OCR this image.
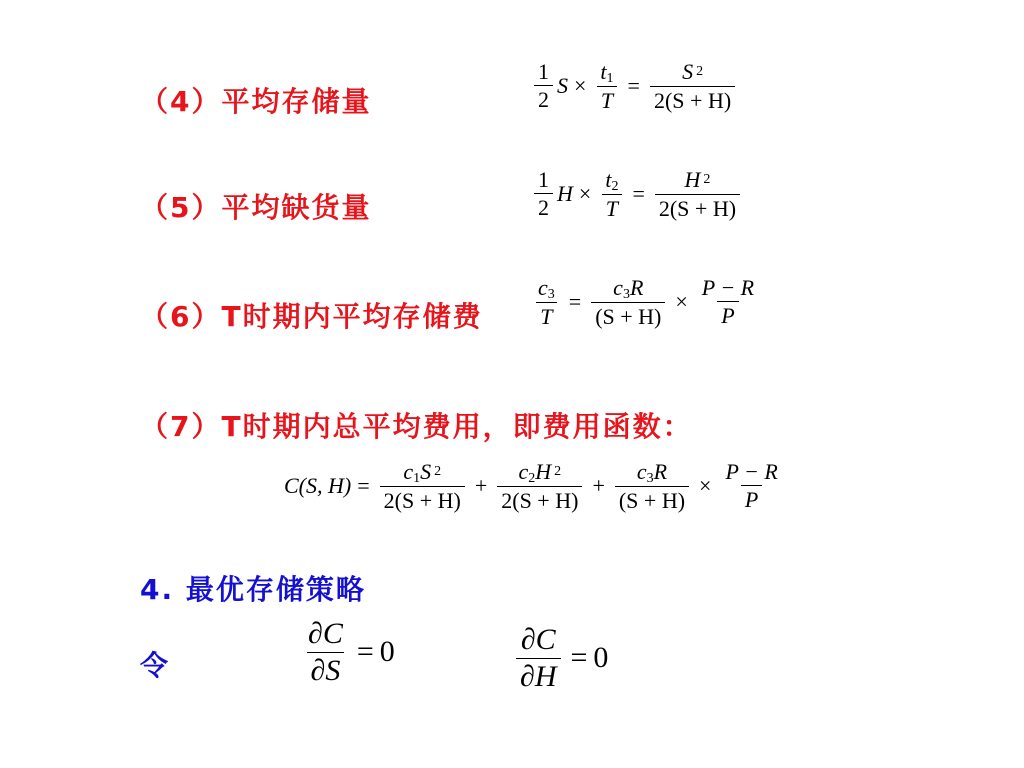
（4）平均存储量
（5）平均缺货量
（6）T时期内平均存储费
（7）T时期内总平均费用，即费用函数：
4. 最优存储策略
令
$\frac{1}{2}$ $S \times \frac{t_1}{T} = \frac{S ^2}{2(S + H)}$
$\frac{1}{2}$ $H \times \frac{t_2}{T} = \frac{H ^2}{2(S + H)}$
$\frac{c_3}{T} = \frac{c_3R}{(S + H)} \times \frac{P - R}{P}$
C(S, $H) = \frac{c_1S ^2}{2(S + H)} + \frac{c_2H ^2}{2(S + H)} + \frac{c_3R}{(S + H)} \times \frac{P - R}{P}$
$\frac{\partial C}{\partial S} = 0$	$\frac{\partial C}{\partial H} = 0$
